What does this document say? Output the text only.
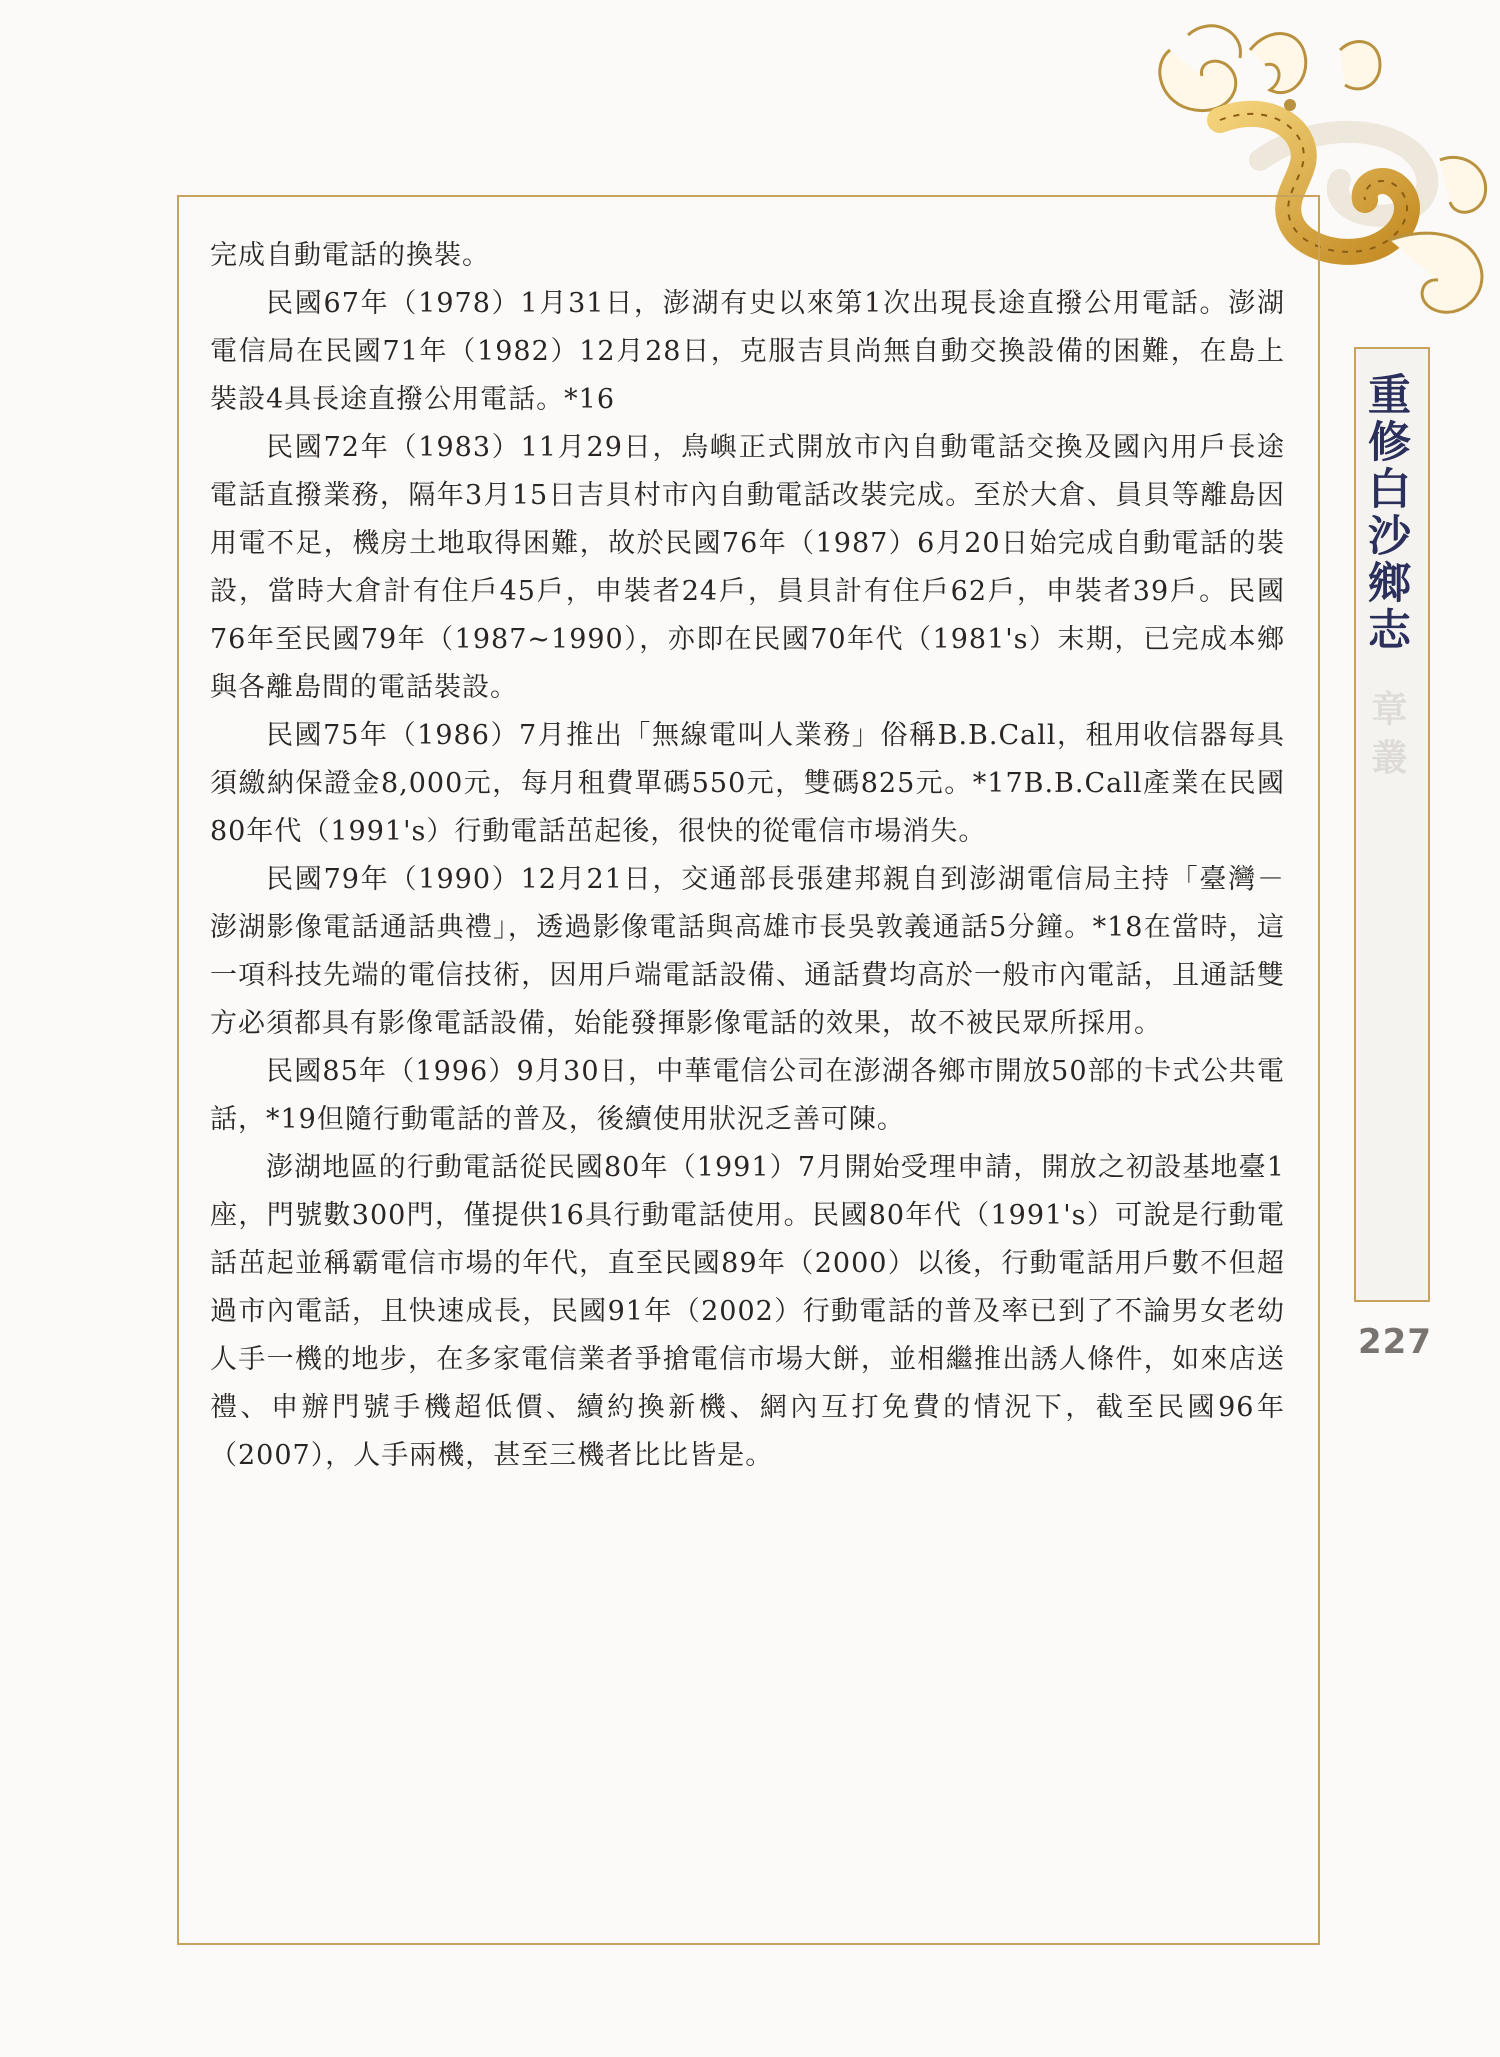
完成自動電話的換裝。

民國67年（1978）1月31日，澎湖有史以來第1次出現長途直撥公用電話。澎湖電信局在民國71年（1982）12月28日，克服吉貝尚無自動交換設備的困難，在島上裝設4具長途直撥公用電話。*16

民國72年（1983）11月29日，鳥嶼正式開放市內自動電話交換及國內用戶長途電話直撥業務，隔年3月15日吉貝村市內自動電話改裝完成。至於大倉、員貝等離島因用電不足，機房土地取得困難，故於民國76年（1987）6月20日始完成自動電話的裝設，當時大倉計有住戶45戶，申裝者24戶，員貝計有住戶62戶，申裝者39戶。民國76年至民國79年（1987~1990），亦即在民國70年代（1981's）末期，已完成本鄉與各離島間的電話裝設。

民國75年（1986）7月推出「無線電叫人業務」俗稱B.B.Call，租用收信器每具須繳納保證金8,000元，每月租費單碼550元，雙碼825元。*17B.B.Call產業在民國80年代（1991's）行動電話茁起後，很快的從電信市場消失。

民國79年（1990）12月21日，交通部長張建邦親自到澎湖電信局主持「臺灣－澎湖影像電話通話典禮」，透過影像電話與高雄市長吳敦義通話5分鐘。*18在當時，這一項科技先端的電信技術，因用戶端電話設備、通話費均高於一般市內電話，且通話雙方必須都具有影像電話設備，始能發揮影像電話的效果，故不被民眾所採用。

民國85年（1996）9月30日，中華電信公司在澎湖各鄉市開放50部的卡式公共電話，*19但隨行動電話的普及，後續使用狀況乏善可陳。

澎湖地區的行動電話從民國80年（1991）7月開始受理申請，開放之初設基地臺1座，門號數300門，僅提供16具行動電話使用。民國80年代（1991's）可說是行動電話茁起並稱霸電信市場的年代，直至民國89年（2000）以後，行動電話用戶數不但超過市內電話，且快速成長，民國91年（2002）行動電話的普及率已到了不論男女老幼人手一機的地步，在多家電信業者爭搶電信市場大餅，並相繼推出誘人條件，如來店送禮、申辦門號手機超低價、續約換新機、網內互打免費的情況下，截至民國96年（2007），人手兩機，甚至三機者比比皆是。

重修白沙鄉志
章 叢
227
